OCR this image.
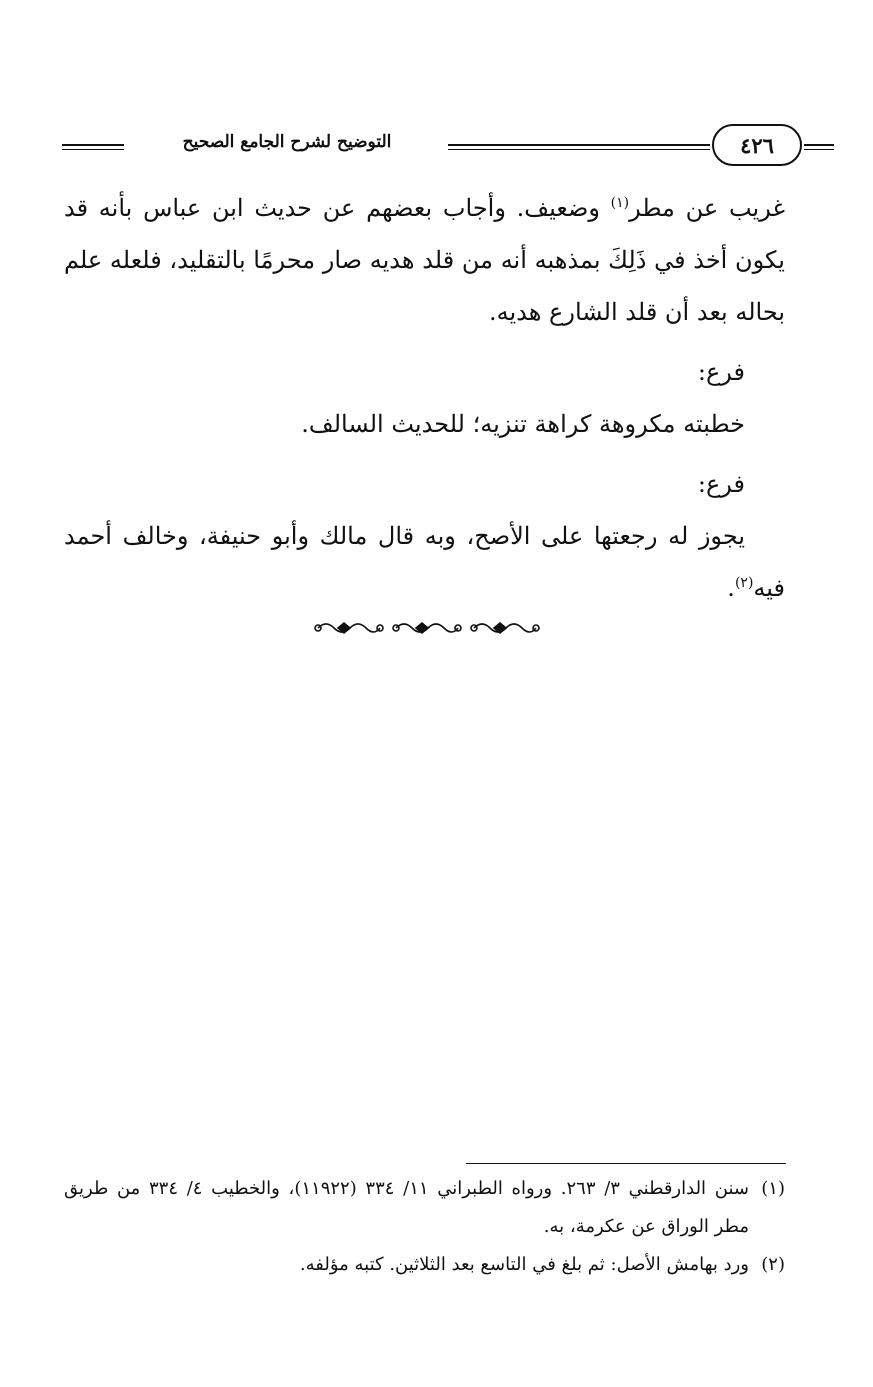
التوضيح لشرح الجامع الصحيح	٤٢٦

غريب عن مطر$^{(١)}$ وضعيف. وأجاب بعضهم عن حديث ابن عباس بأنه قد يكون أخذ في ذَلِكَ بمذهبه أنه من قلد هديه صار محرمًا بالتقليد، فلعله علم بحاله بعد أن قلد الشارع هديه.

فرع:

خطبته مكروهة كراهة تنزيه؛ للحديث السالف.

فرع:

يجوز له رجعتها على الأصح، وبه قال مالك وأبو حنيفة، وخالف أحمد فيه$^{(٢)}$.

(١)
سنن الدارقطني ٣/ ٢٦٣. ورواه الطبراني ١١/ ٣٣٤ (١١٩٢٢)، والخطيب ٤/ ٣٣٤ من طريق مطر الوراق عن عكرمة، به.
(٢)
ورد بهامش الأصل: ثم بلغ في التاسع بعد الثلاثين. كتبه مؤلفه.
